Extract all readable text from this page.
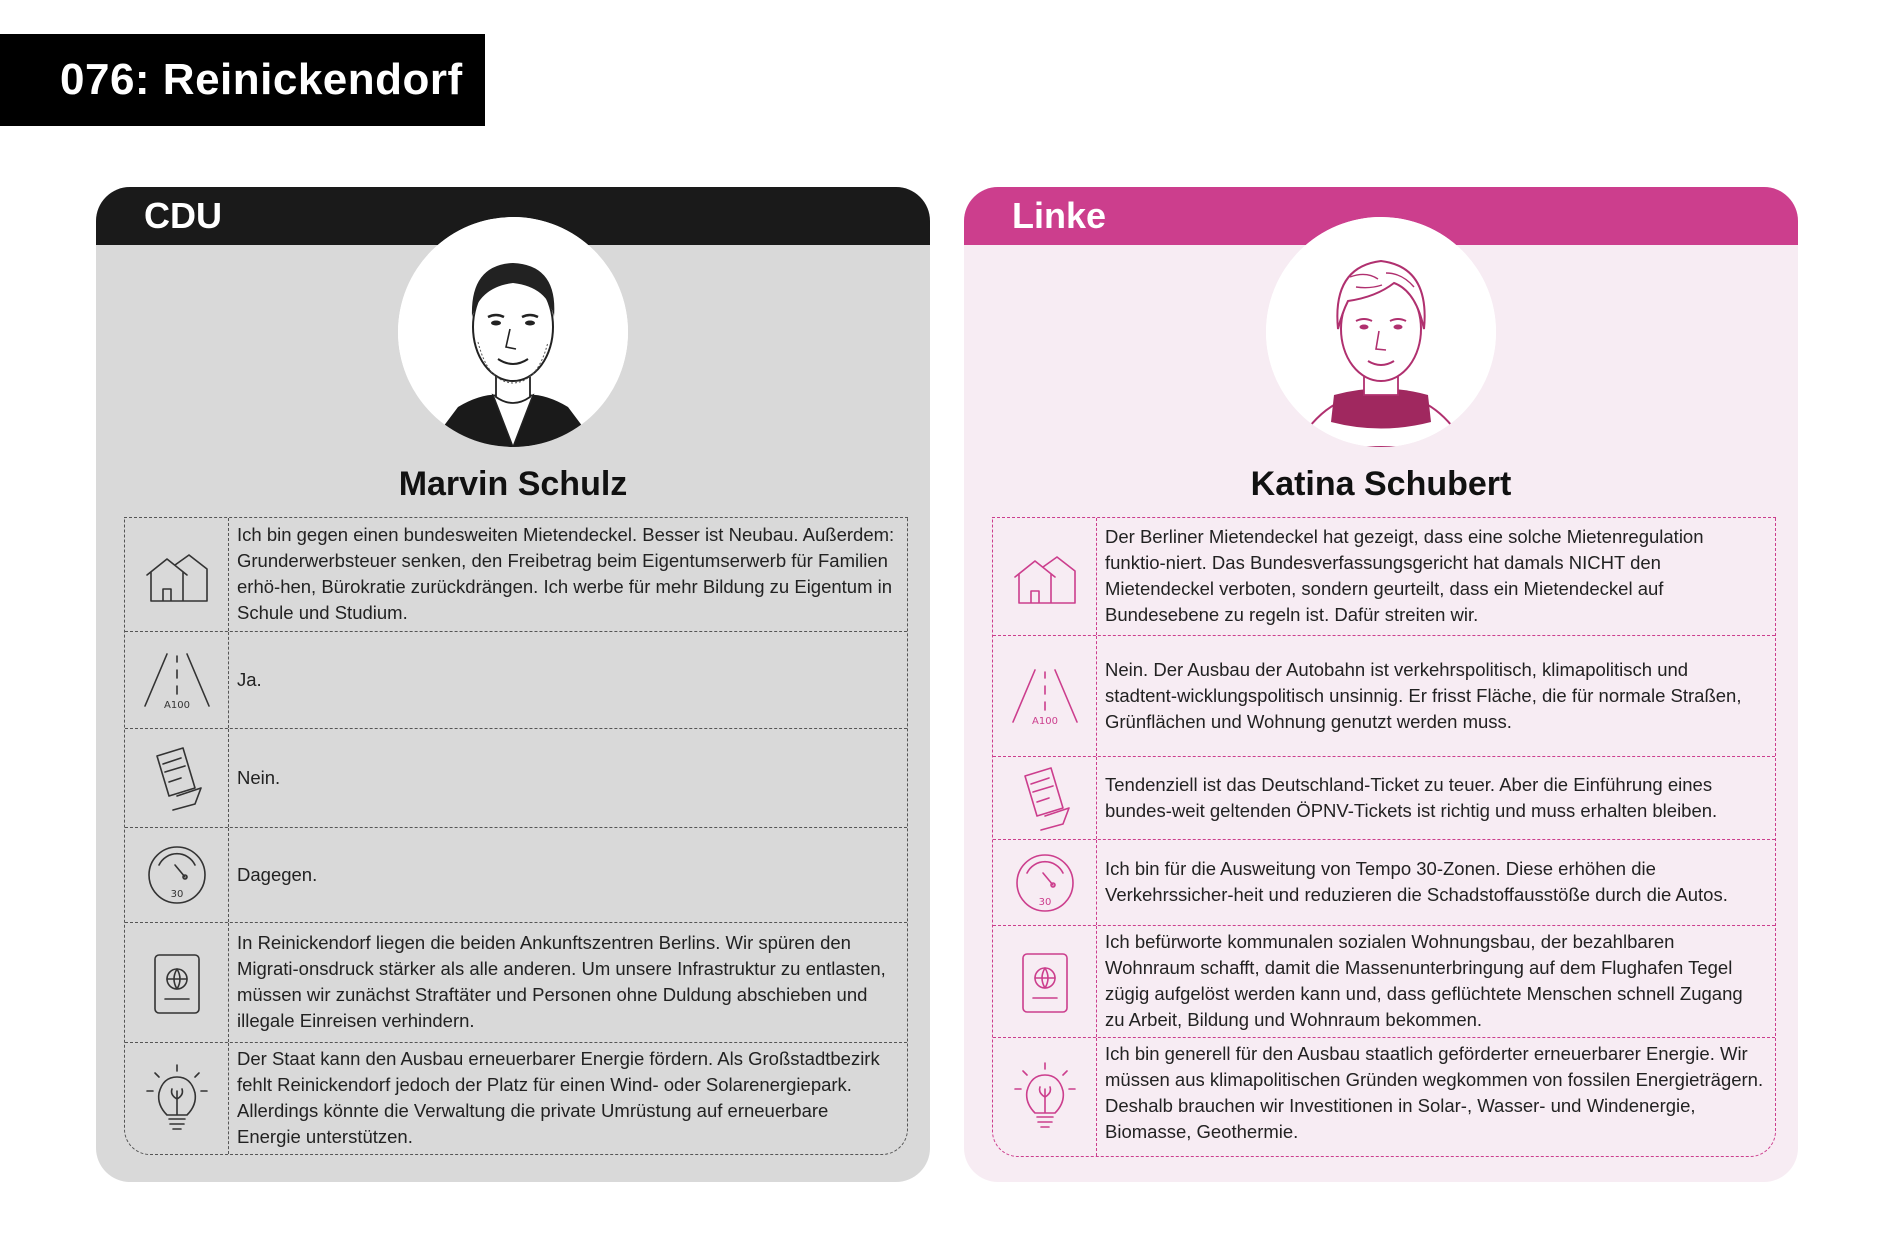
076: Reinickendorf
CDU
Marvin Schulz
Ich bin gegen einen bundesweiten Mietendeckel. Besser ist Neubau. Außerdem: Grunderwerbsteuer senken, den Freibetrag beim Eigentumserwerb für Familien erhö-hen, Bürokratie zurückdrängen. Ich werbe für mehr Bildung zu Eigentum in Schule und Studium.
A100
Ja.
Nein.
30
Dagegen.
In Reinickendorf liegen die beiden Ankunftszentren Berlins. Wir spüren den Migrati-onsdruck stärker als alle anderen. Um unsere Infrastruktur zu entlasten, müssen wir zunächst Straftäter und Personen ohne Duldung abschieben und illegale Einreisen verhindern.
Der Staat kann den Ausbau erneuerbarer Energie fördern. Als Großstadtbezirk fehlt Reinickendorf jedoch der Platz für einen Wind- oder Solarenergiepark. Allerdings könnte die Verwaltung die private Umrüstung auf erneuerbare Energie unterstützen.
Linke
Katina Schubert
Der Berliner Mietendeckel hat gezeigt, dass eine solche Mietenregulation funktio-niert. Das Bundesverfassungsgericht hat damals NICHT den Mietendeckel verboten, sondern geurteilt, dass ein Mietendeckel auf Bundesebene zu regeln ist. Dafür streiten wir.
A100
Nein. Der Ausbau der Autobahn ist verkehrspolitisch, klimapolitisch und stadtent-wicklungspolitisch unsinnig. Er frisst Fläche, die für normale Straßen, Grünflächen und Wohnung genutzt werden muss.
Tendenziell ist das Deutschland-Ticket zu teuer. Aber die Einführung eines bundes-weit geltenden ÖPNV-Tickets ist richtig und muss erhalten bleiben.
30
Ich bin für die Ausweitung von Tempo 30-Zonen. Diese erhöhen die Verkehrssicher-heit und reduzieren die Schadstoffausstöße durch die Autos.
Ich befürworte kommunalen sozialen Wohnungsbau, der bezahlbaren Wohnraum schafft, damit die Massenunterbringung auf dem Flughafen Tegel zügig aufgelöst werden kann und, dass geflüchtete Menschen schnell Zugang zu Arbeit, Bildung und Wohnraum bekommen.
Ich bin generell für den Ausbau staatlich geförderter erneuerbarer Energie. Wir müssen aus klimapolitischen Gründen wegkommen von fossilen Energieträgern. Deshalb brauchen wir Investitionen in Solar-, Wasser- und Windenergie, Biomasse, Geothermie.
